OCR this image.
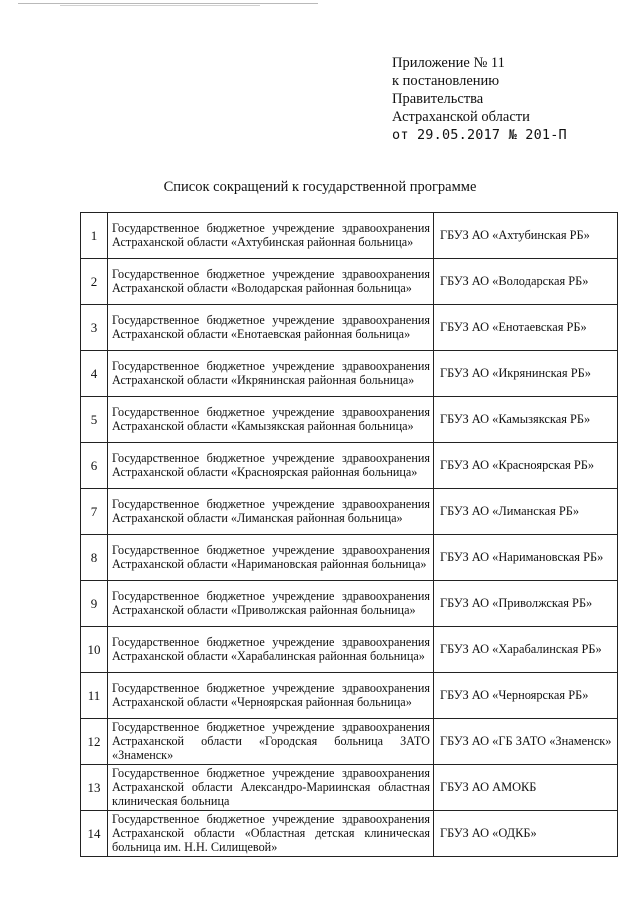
Приложение № 11
к постановлению
Правительства
Астраханской области
от 29.05.2017 № 201-П
Список сокращений к государственной программе
1	Государственное бюджетное учреждение здравоохранения Астраханской области «Ахтубинская районная больница»	ГБУЗ АО «Ахтубинская РБ»
2	Государственное бюджетное учреждение здравоохранения Астраханской области «Володарская районная больница»	ГБУЗ АО «Володарская РБ»
3	Государственное бюджетное учреждение здравоохранения Астраханской области «Енотаевская районная больница»	ГБУЗ АО «Енотаевская РБ»
4	Государственное бюджетное учреждение здравоохранения Астраханской области «Икрянинская районная больница»	ГБУЗ АО «Икрянинская РБ»
5	Государственное бюджетное учреждение здравоохранения Астраханской области «Камызякская районная больница»	ГБУЗ АО «Камызякская РБ»
6	Государственное бюджетное учреждение здравоохранения Астраханской области «Красноярская районная больница»	ГБУЗ АО «Красноярская РБ»
7	Государственное бюджетное учреждение здравоохранения Астраханской области «Лиманская районная больница»	ГБУЗ АО «Лиманская РБ»
8	Государственное бюджетное учреждение здравоохранения Астраханской области «Наримановская районная больница»	ГБУЗ АО «Наримановская РБ»
9	Государственное бюджетное учреждение здравоохранения Астраханской области «Приволжская районная больница»	ГБУЗ АО «Приволжская РБ»
10	Государственное бюджетное учреждение здравоохранения Астраханской области «Харабалинская районная больница»	ГБУЗ АО «Харабалинская РБ»
11	Государственное бюджетное учреждение здравоохранения Астраханской области «Черноярская районная больница»	ГБУЗ АО «Черноярская РБ»
12	Государственное бюджетное учреждение здравоохранения Астраханской области «Городская больница ЗАТО «Знаменск»	ГБУЗ АО «ГБ ЗАТО «Знаменск»
13	Государственное бюджетное учреждение здравоохранения Астраханской области Александро-Мариинская областная клиническая больница	ГБУЗ АО АМОКБ
14	Государственное бюджетное учреждение здравоохранения Астраханской области «Областная детская клиническая больница им. Н.Н. Силищевой»	ГБУЗ АО «ОДКБ»
